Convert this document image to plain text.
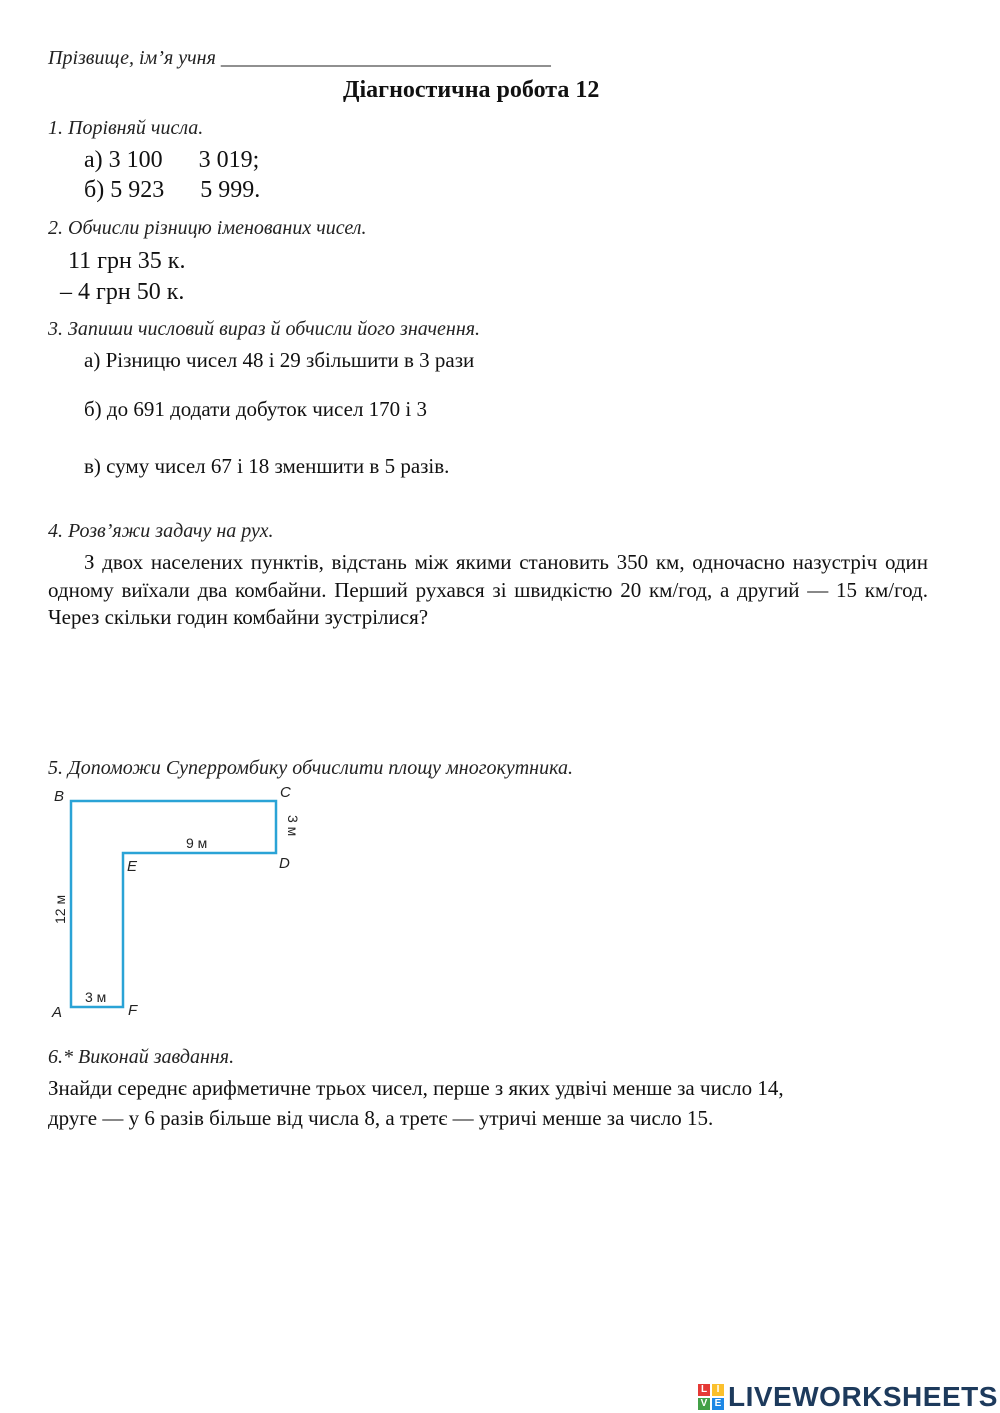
Прізвище, ім’я учня _________________________________
Діагностична робота 12
1. Порівняй числа.
а) 3 100      3 019;
б) 5 923      5 999.
2. Обчисли різницю іменованих чисел.
11 грн 35 к.
– 4 грн 50 к.
3. Запиши числовий вираз й обчисли його значення.
а) Різницю чисел 48 і 29 збільшити в 3 рази
б) до 691 додати добуток чисел 170 і 3
в) суму чисел 67 і 18 зменшити в 5 разів.
4. Розв’яжи задачу на рух.
З двох населених пунктів, відстань між якими становить 350 км, одночасно назустріч один одному виїхали два комбайни. Перший рухався зі швидкістю 20 км/год, а другий — 15 км/год. Через скільки годин комбайни зустрілися?
5. Допоможи Суперромбику обчислити площу многокутника.
B	C
D
E
A	F
9 м
3 м
12 м
3 м
6.* Виконай завдання.
Знайди середнє арифметичне трьох чисел, перше з яких удвічі менше за число 14,
друге — у 6 разів більше від числа 8, а третє — утричі менше за число 15.
L I
V E LIVEWORKSHEETS
